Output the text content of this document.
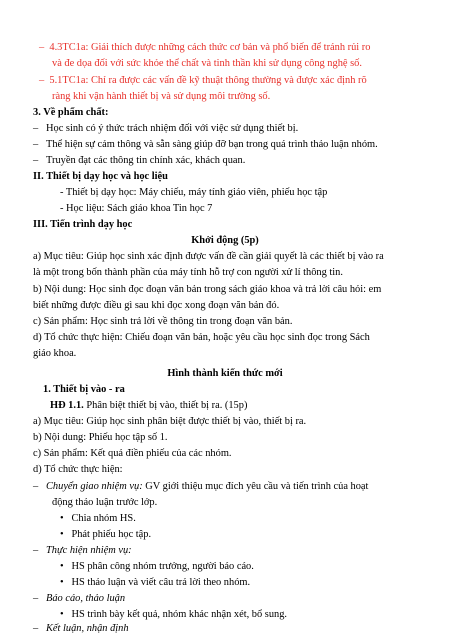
–  4.3TC1a: Giải thích được những cách thức cơ bản và phổ biến để tránh rủi ro
và đe dọa đối với sức khỏe thể chất và tinh thần khi sử dụng công nghệ số.
–  5.1TC1a: Chỉ ra được các vấn đề kỹ thuật thông thường và được xác định rõ
ràng khi vận hành thiết bị và sử dụng môi trường số.
3. Về phẩm chất:
–   Học sinh có ý thức trách nhiệm đối với việc sử dụng thiết bị.
–   Thể hiện sự cảm thông và sẵn sàng giúp đỡ bạn trong quá trình thảo luận nhóm.
–   Truyền đạt các thông tin chính xác, khách quan.
II. Thiết bị dạy học và học liệu
- Thiết bị dạy học: Máy chiếu, máy tính giáo viên, phiếu học tập
- Học liệu: Sách giáo khoa Tin học 7
III. Tiến trình dạy học
Khởi động (5p)
a) Mục tiêu: Giúp học sinh xác định được vấn đề cần giải quyết là các thiết bị vào ra
là một trong bốn thành phần của máy tính hỗ trợ con người xử lí thông tin.
b) Nội dung: Học sinh đọc đoạn văn bản trong sách giáo khoa và trả lời câu hỏi: em
biết những được điều gì sau khi đọc xong đoạn văn bản đó.
c) Sản phẩm: Học sinh trả lời về thông tin trong đoạn văn bản.
d) Tổ chức thực hiện: Chiếu đoạn văn bản, hoặc yêu cầu học sinh đọc trong Sách
giáo khoa.
Hình thành kiến thức mới
1. Thiết bị vào - ra
HĐ 1.1. Phân biệt thiết bị vào, thiết bị ra. (15p)
a) Mục tiêu: Giúp học sinh phân biệt được thiết bị vào, thiết bị ra.
b) Nội dung: Phiếu học tập số 1.
c) Sản phẩm: Kết quả điền phiếu của các nhóm.
d) Tổ chức thực hiện:
–   Chuyển giao nhiệm vụ: GV giới thiệu mục đích yêu cầu và tiến trình của hoạt
động thảo luận trước lớp.
•   Chia nhóm HS.
•   Phát phiếu học tập.
–   Thực hiện nhiệm vụ:
•   HS phân công nhóm trưởng, người báo cáo.
•   HS thảo luận và viết câu trả lời theo nhóm.
–   Báo cáo, thảo luận
•   HS trình bày kết quả, nhóm khác nhận xét, bổ sung.
–   Kết luận, nhận định
